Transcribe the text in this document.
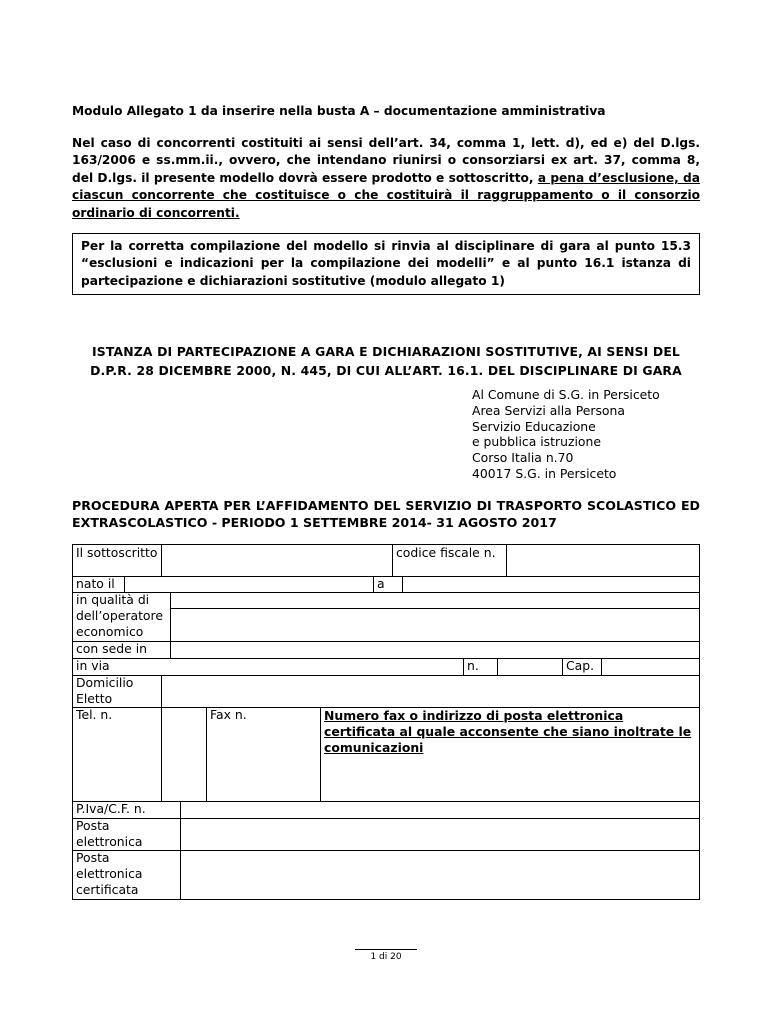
Modulo Allegato 1 da inserire nella busta A – documentazione amministrativa
Nel caso di concorrenti costituiti ai sensi dell’art. 34, comma 1, lett. d), ed e) del D.lgs. 163/2006 e ss.mm.ii., ovvero, che intendano riunirsi o consorziarsi ex art. 37, comma 8, del D.lgs. il presente modello dovrà essere prodotto e sottoscritto, a pena d’esclusione, da ciascun concorrente che costituisce o che costituirà il raggruppamento o il consorzio ordinario di concorrenti.
Per la corretta compilazione del modello si rinvia al disciplinare di gara al punto 15.3 “esclusioni e indicazioni per la compilazione dei modelli” e al punto 16.1 istanza di partecipazione e dichiarazioni sostitutive (modulo allegato 1)
ISTANZA DI PARTECIPAZIONE A GARA E DICHIARAZIONI SOSTITUTIVE, AI SENSI DEL
D.P.R. 28 DICEMBRE 2000, N. 445, DI CUI ALL’ART. 16.1. DEL DISCIPLINARE DI GARA
Al Comune di S.G. in Persiceto
Area Servizi alla Persona
Servizio Educazione
e pubblica istruzione
Corso Italia n.70
40017 S.G. in Persiceto
PROCEDURA APERTA PER L’AFFIDAMENTO DEL SERVIZIO DI TRASPORTO SCOLASTICO ED EXTRASCOLASTICO - PERIODO 1 SETTEMBRE 2014- 31 AGOSTO 2017
Il sottoscritto	codice fiscale n.
nato il	a
in qualità di dell’operatore economico
con sede in
in via	n.	Cap.
Domicilio Eletto
Tel. n.	Fax n.	Numero fax o indirizzo di posta elettronica certificata al quale acconsente che siano inoltrate le comunicazioni
P.Iva/C.F. n.
Posta elettronica
Posta elettronica certificata
1 di 20
